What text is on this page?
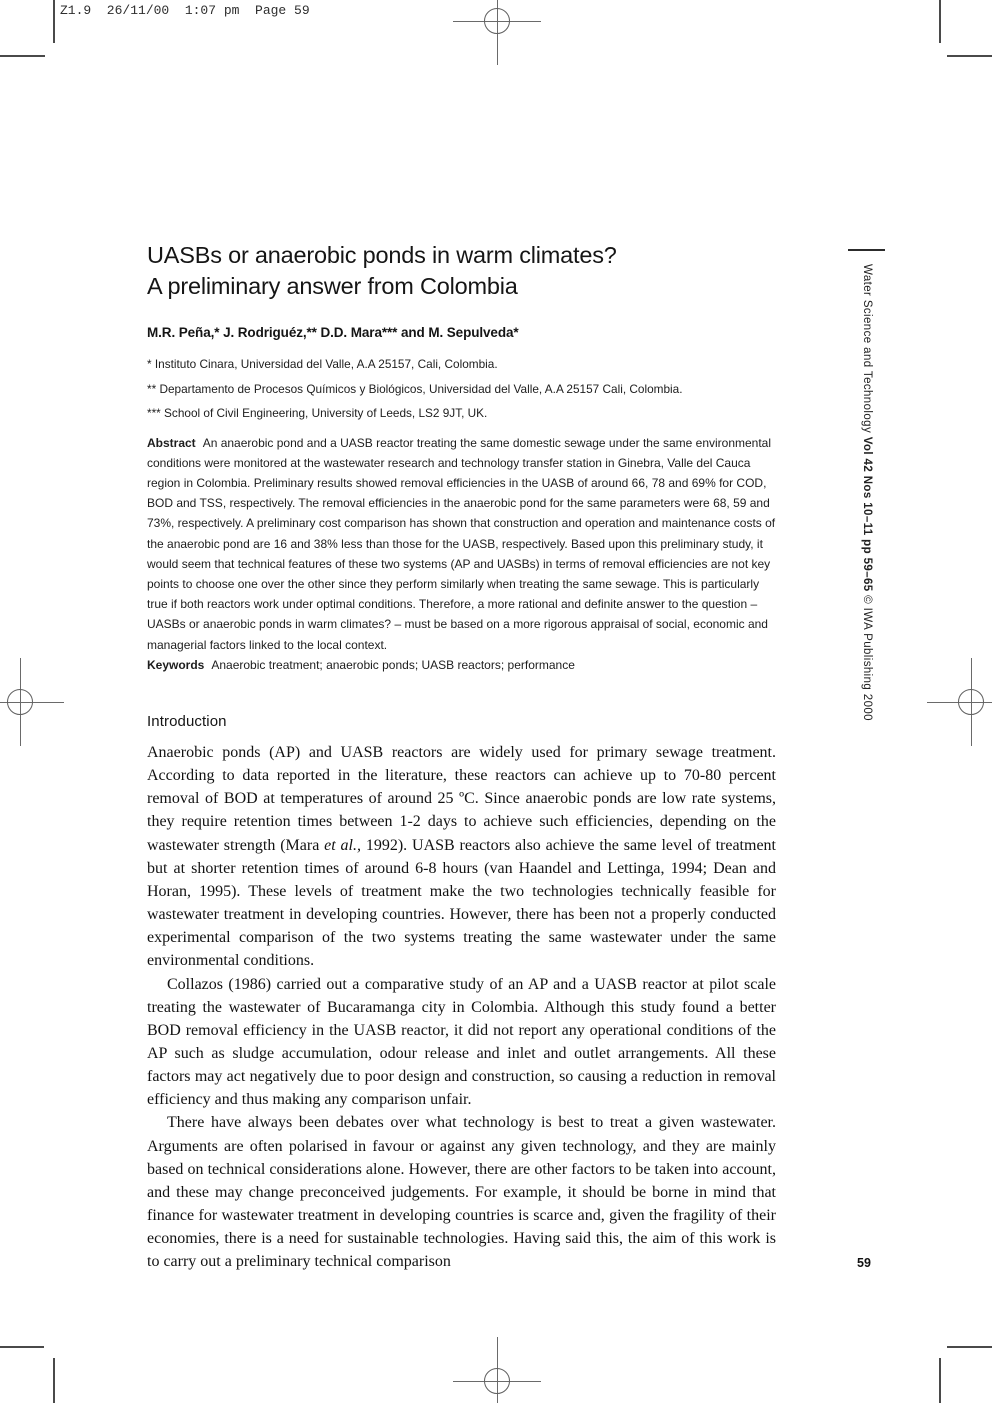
Z1.9  26/11/00  1:07 pm  Page 59
Water Science and Technology Vol 42 Nos 10–11 pp 59–65 © IWA Publishing 2000
UASBs or anaerobic ponds in warm climates?
A preliminary answer from Colombia
M.R. Peña,* J. Rodriguéz,** D.D. Mara*** and M. Sepulveda*
* Instituto Cinara, Universidad del Valle, A.A 25157, Cali, Colombia.
** Departamento de Procesos Químicos y Biológicos, Universidad del Valle, A.A 25157 Cali, Colombia.
*** School of Civil Engineering, University of Leeds, LS2 9JT, UK.
Abstract An anaerobic pond and a UASB reactor treating the same domestic sewage under the same environmental conditions were monitored at the wastewater research and technology transfer station in Ginebra, Valle del Cauca region in Colombia. Preliminary results showed removal efficiencies in the UASB of around 66, 78 and 69% for COD, BOD and TSS, respectively. The removal efficiencies in the anaerobic pond for the same parameters were 68, 59 and 73%, respectively. A preliminary cost comparison has shown that construction and operation and maintenance costs of the anaerobic pond are 16 and 38% less than those for the UASB, respectively. Based upon this preliminary study, it would seem that technical features of these two systems (AP and UASBs) in terms of removal efficiencies are not key points to choose one over the other since they perform similarly when treating the same sewage. This is particularly true if both reactors work under optimal conditions. Therefore, a more rational and definite answer to the question – UASBs or anaerobic ponds in warm climates? – must be based on a more rigorous appraisal of social, economic and managerial factors linked to the local context.
Keywords Anaerobic treatment; anaerobic ponds; UASB reactors; performance
Introduction

Anaerobic ponds (AP) and UASB reactors are widely used for primary sewage treatment. According to data reported in the literature, these reactors can achieve up to 70-80 percent removal of BOD at temperatures of around 25 ºC. Since anaerobic ponds are low rate systems, they require retention times between 1-2 days to achieve such efficiencies, depending on the wastewater strength (Mara et al., 1992). UASB reactors also achieve the same level of treatment but at shorter retention times of around 6-8 hours (van Haandel and Lettinga, 1994; Dean and Horan, 1995). These levels of treatment make the two technologies technically feasible for wastewater treatment in developing countries. However, there has been not a properly conducted experimental comparison of the two systems treating the same wastewater under the same environmental conditions.

Collazos (1986) carried out a comparative study of an AP and a UASB reactor at pilot scale treating the wastewater of Bucaramanga city in Colombia. Although this study found a better BOD removal efficiency in the UASB reactor, it did not report any operational conditions of the AP such as sludge accumulation, odour release and inlet and outlet arrangements. All these factors may act negatively due to poor design and construction, so causing a reduction in removal efficiency and thus making any comparison unfair.

There have always been debates over what technology is best to treat a given wastewater. Arguments are often polarised in favour or against any given technology, and they are mainly based on technical considerations alone. However, there are other factors to be taken into account, and these may change preconceived judgements. For example, it should be borne in mind that finance for wastewater treatment in developing countries is scarce and, given the fragility of their economies, there is a need for sustainable technologies. Having said this, the aim of this work is to carry out a preliminary technical comparison	59
